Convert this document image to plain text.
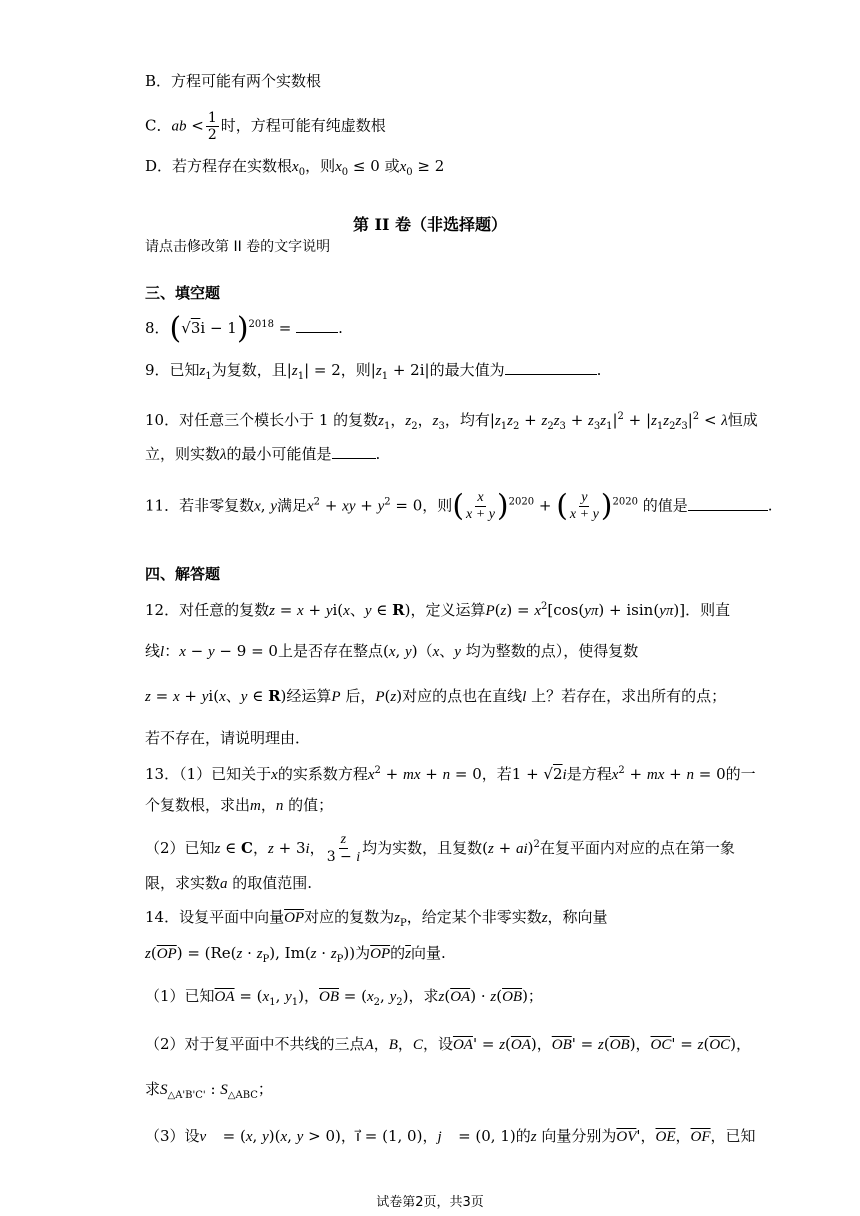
B．方程可能有两个实数根
C．ab < $\frac{1}{2}$ 时，方程可能有纯虚数根
D．若方程存在实数根$x_0$，则$x_0 \le 0$ 或$x_0 \ge 2$
第 II 卷（非选择题）
请点击修改第 II 卷的文字说明
三、填空题
8．$(√3i - 1)^{2018}$ =	.
9．已知$z_1$为复数，且$|z_1| = 2$，则$|z_1 + 2i|$的最大值为	.
10．对任意三个模长小于 1 的复数$z_1$，$z_2$，$z_3$，均有$|z_1z_2 + z_2z_3 + z_3z_1|^2 + |z_1z_2z_3|^2 < \lambda$恒成
立，则实数λ的最小可能值是	.
11．若非零复数x, y满足$x^2$ + xy + $y^2 = 0$，则( $\frac{x}{x + y} )^{2020}$ + ( $\frac{y}{x + y} )^{2020}$ 的值是	.
四、解答题
12．对任意的复数z = x + yi(x、y ∈ R)，定义运算$P(z) = x^2[\cos(y\pi) + isin(y\pi)]$．则直
线l：x − y − 9 = 0上是否存在整点(x, y)（x、y 均为整数的点），使得复数
z = x + yi(x、y ∈ R)经运算P 后，P(z)对应的点也在直线l 上？若存在，求出所有的点；
若不存在，请说明理由．
13．（1）已知关于x的实系数方程$x^2$ + mx + n = 0，若1 + √2i是方程$x^2$ + mx + n = 0的一
个复数根，求出m，n 的值；
（2）已知z ∈ C，z + 3i， $\frac{z}{3 - i}$ 均为实数，且复数(z + ai)$^2$在复平面内对应的点在第一象
限，求实数a 的取值范围.
14．设复平面中向量$\overline{OP}$对应的复数为$z_P$，给定某个非零实数z，称向量
$z(\overline{OP}) = (Re(z \cdot z_P)$, $Im(z \cdot z_P)$)为$\overline{OP}$的$\overline{z}$向量.
（1）已知$\overline{OA} = (x_1$, $y_1$)，$\overline{OB} = (x_2$, $y_2$)，求$z(\overline{OA}) \cdot z(\overline{OB})$；
（2）对于复平面中不共线的三点A，B，C，设$\overline{OA}' = z(\overline{OA})$，$\overline{OB}' = z(\overline{OB})$，$\overline{OC}' = z(\overline{OC})$，
求$S_{\triangle A'B'C'}$ : $S_{\triangle ABC}$；
（3）设v⃗ = (x, y)(x, y > 0)，i⃗ = (1, 0)，j⃗ = (0, 1)的z 向量分别为$\overline{OV}'$，$\overline{OE}$，$\overline{OF}$，已知
试卷第2页，共3页
